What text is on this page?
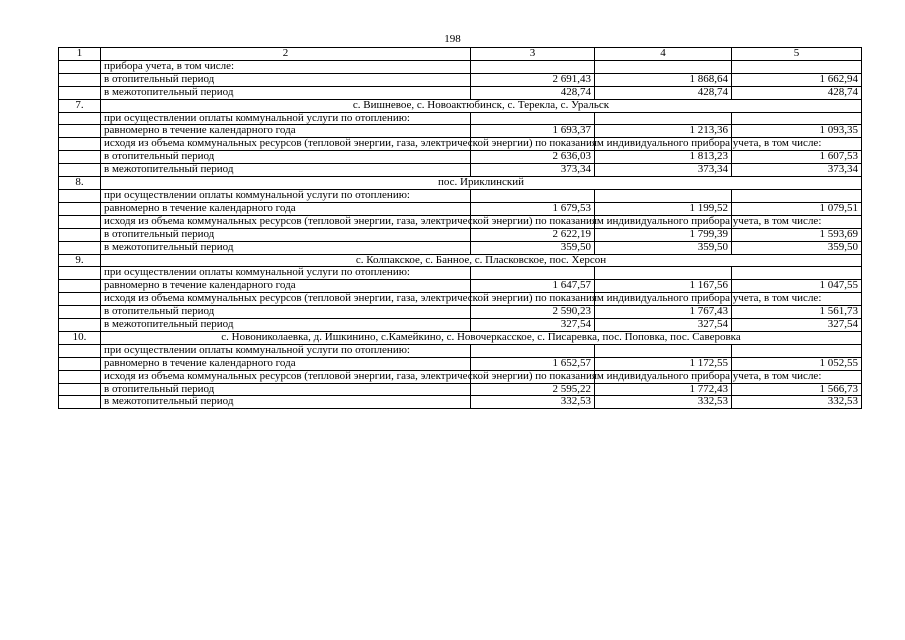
198
1	2	3	4	5
	прибора учета, в том числе:			
	в отопительный период	2 691,43	1 868,64	1 662,94
	в межотопительный период	428,74	428,74	428,74
7.	с. Вишневое, с. Новоактюбинск, с. Терекла, с. Уральск			
	при осуществлении оплаты коммунальной услуги по отоплению:			
	равномерно в течение календарного года	1 693,37	1 213,36	1 093,35
	исходя из объема коммунальных ресурсов (тепловой энергии, газа, электрической энергии) по показаниям индивидуального прибора учета, в том числе:			
	в отопительный период	2 636,03	1 813,23	1 607,53
	в межотопительный период	373,34	373,34	373,34
8.	пос. Ириклинский			
	при осуществлении оплаты коммунальной услуги по отоплению:			
	равномерно в течение календарного года	1 679,53	1 199,52	1 079,51
	исходя из объема коммунальных ресурсов (тепловой энергии, газа, электрической энергии) по показаниям индивидуального прибора учета, в том числе:			
	в отопительный период	2 622,19	1 799,39	1 593,69
	в межотопительный период	359,50	359,50	359,50
9.	с. Колпакское, с. Банное, с. Пласковское, пос. Херсон			
	при осуществлении оплаты коммунальной услуги по отоплению:			
	равномерно в течение календарного года	1 647,57	1 167,56	1 047,55
	исходя из объема коммунальных ресурсов (тепловой энергии, газа, электрической энергии) по показаниям индивидуального прибора учета, в том числе:			
	в отопительный период	2 590,23	1 767,43	1 561,73
	в межотопительный период	327,54	327,54	327,54
10.	с. Новониколаевка, д. Ишкинино, с.Камейкино, с. Новочеркасское, с. Писаревка, пос. Поповка, пос. Саверовка			
	при осуществлении оплаты коммунальной услуги по отоплению:			
	равномерно в течение календарного года	1 652,57	1 172,55	1 052,55
	исходя из объема коммунальных ресурсов (тепловой энергии, газа, электрической энергии) по показаниям индивидуального прибора учета, в том числе:			
	в отопительный период	2 595,22	1 772,43	1 566,73
	в межотопительный период	332,53	332,53	332,53
